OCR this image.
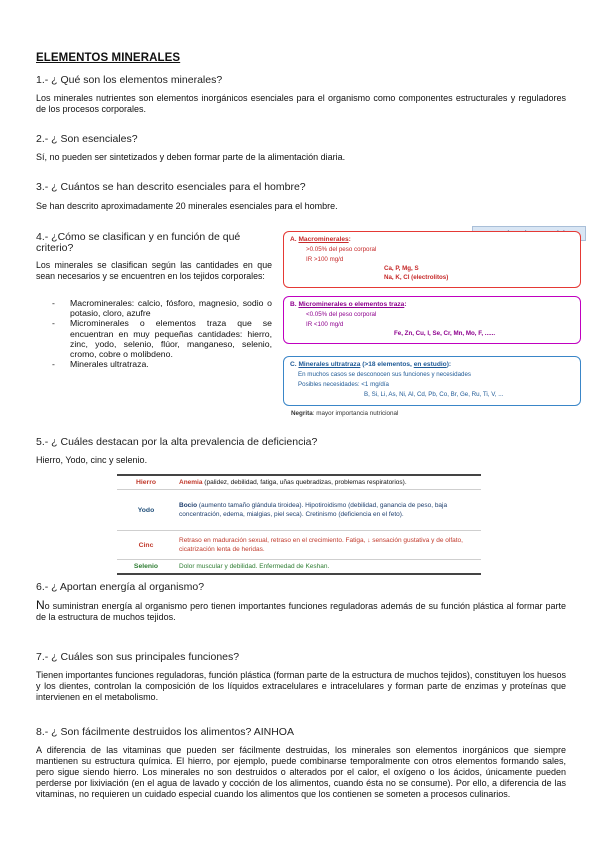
ELEMENTOS MINERALES
1.- ¿ Qué son los elementos minerales?
Los minerales nutrientes son elementos inorgánicos esenciales para el organismo como componentes estructurales y reguladores de los procesos corporales.
2.- ¿ Son esenciales?
Sí, no pueden ser sintetizados y deben formar parte de la alimentación diaria.
3.- ¿ Cuántos se han descrito esenciales para el hombre?
Se han descrito aproximadamente 20 minerales esenciales para el hombre.
4.- ¿Cómo se clasifican y en función de qué
criterio?
Los minerales se clasifican según las cantidades en que sean necesarios y se encuentren en los tejidos corporales:
- Macrominerales: calcio, fósforo, magnesio, sodio o potasio, cloro, azufre
- Microminerales o elementos traza que se encuentran en muy pequeñas cantidades: hierro, zinc, yodo, selenio, flúor, manganeso, selenio, cromo, cobre o molibdeno.
- Minerales ultratraza.
A. Macrominerales:
>0.05% del peso corporal
IR >100 mg/d
Ca, P, Mg, S
Na, K, Cl (electrolitos)
B. Microminerales o elementos traza:
<0.05% del peso corporal
IR <100 mg/d
Fe, Zn, Cu, I, Se, Cr, Mn, Mo, F, ......
C. Minerales ultratraza (>18 elementos, en estudio):
En muchos casos se desconocen sus funciones y necesidades
Posibles necesidades: <1 mg/día
B, Si, Li, As, Ni, Al, Cd, Pb, Co, Br, Ge, Ru, Ti, V, ...
Negrita: mayor importancia nutricional
5.- ¿ Cuáles destacan por la alta prevalencia de deficiencia?
Hierro, Yodo, cinc y selenio.
Hierro	Anemia (palidez, debilidad, fatiga, uñas quebradizas, problemas respiratorios).
Yodo	Bocio (aumento tamaño glándula tiroidea). Hipotiroidismo (debilidad, ganancia de peso, baja concentración, edema, mialgias, piel seca). Cretinismo (deficiencia en el feto).
Cinc	Retraso en maduración sexual, retraso en el crecimiento. Fatiga, ↓ sensación gustativa y de olfato, cicatrización lenta de heridas.
Selenio	Dolor muscular y debilidad. Enfermedad de Keshan.
6.- ¿ Aportan energía al organismo?
No suministran energía al organismo pero tienen importantes funciones reguladoras además de su función plástica al formar parte de la estructura de muchos tejidos.
7.- ¿ Cuáles son sus principales funciones?
Tienen importantes funciones reguladoras, función plástica (forman parte de la estructura de muchos tejidos), constituyen los huesos y los dientes, controlan la composición de los líquidos extracelulares e intracelulares y forman parte de enzimas y proteínas que intervienen en el metabolismo.
8.- ¿ Son fácilmente destruidos los alimentos? AINHOA
A diferencia de las vitaminas que pueden ser fácilmente destruidas, los minerales son elementos inorgánicos que siempre mantienen su estructura química. El hierro, por ejemplo, puede combinarse temporalmente con otros elementos formando sales, pero sigue siendo hierro. Los minerales no son destruidos o alterados por el calor, el oxígeno o los ácidos, únicamente pueden perderse por lixiviación (en el agua de lavado y cocción de los alimentos, cuando ésta no se consume). Por ello, a diferencia de las vitaminas, no requieren un cuidado especial cuando los alimentos que los contienen se someten a procesos culinarios.
